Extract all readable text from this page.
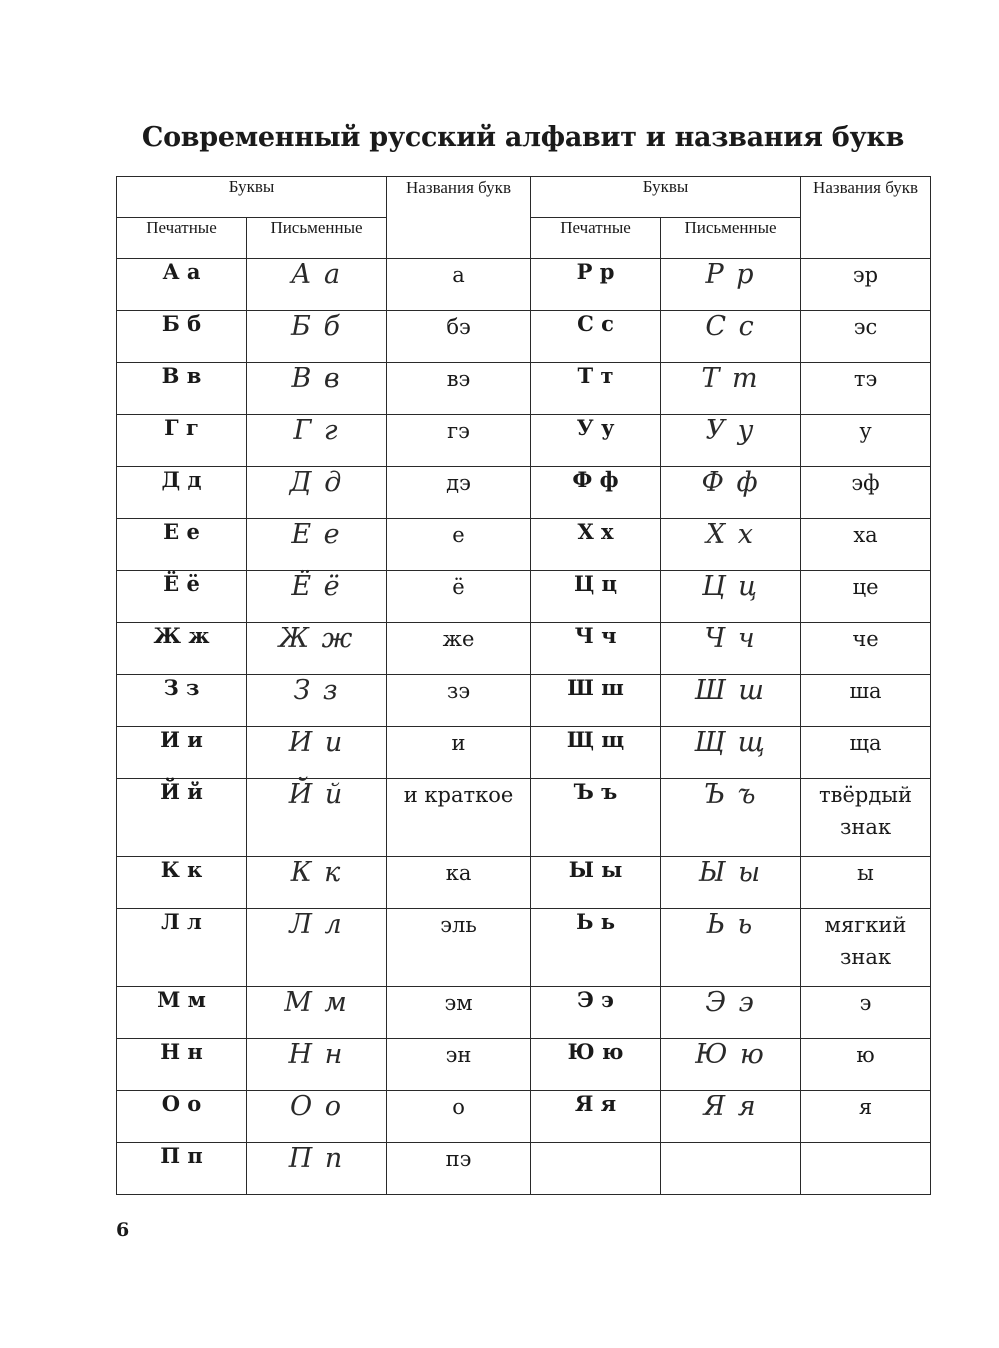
Современный русский алфавит и названия букв
Буквы		Названия букв	Буквы		Названия букв
Печатные	Письменные		Печатные	Письменные	
А а	А а	а	Р р	Р р	эр
Б б	Б б	бэ	С с	С с	эс
В в	В в	вэ	Т т	Т т	тэ
Г г	Г г	гэ	У у	У у	у
Д д	Д д	дэ	Ф ф	Ф ф	эф
Е е	Е е	е	Х х	Х х	ха
Ё ё	Ё ё	ё	Ц ц	Ц ц	це
Ж ж	Ж ж	же	Ч ч	Ч ч	че
З з	З з	зэ	Ш ш	Ш ш	ша
И и	И и	и	Щ щ	Щ щ	ща
Й й	Й й	и краткое	Ъ ъ	Ъ ъ	твёрдый знак
К к	К к	ка	Ы ы	Ы ы	ы
Л л	Л л	эль	Ь ь	Ь ь	мягкий знак
М м	М м	эм	Э э	Э э	э
Н н	Н н	эн	Ю ю	Ю ю	ю
О о	О о	о	Я я	Я я	я
П п	П п	пэ			
6
